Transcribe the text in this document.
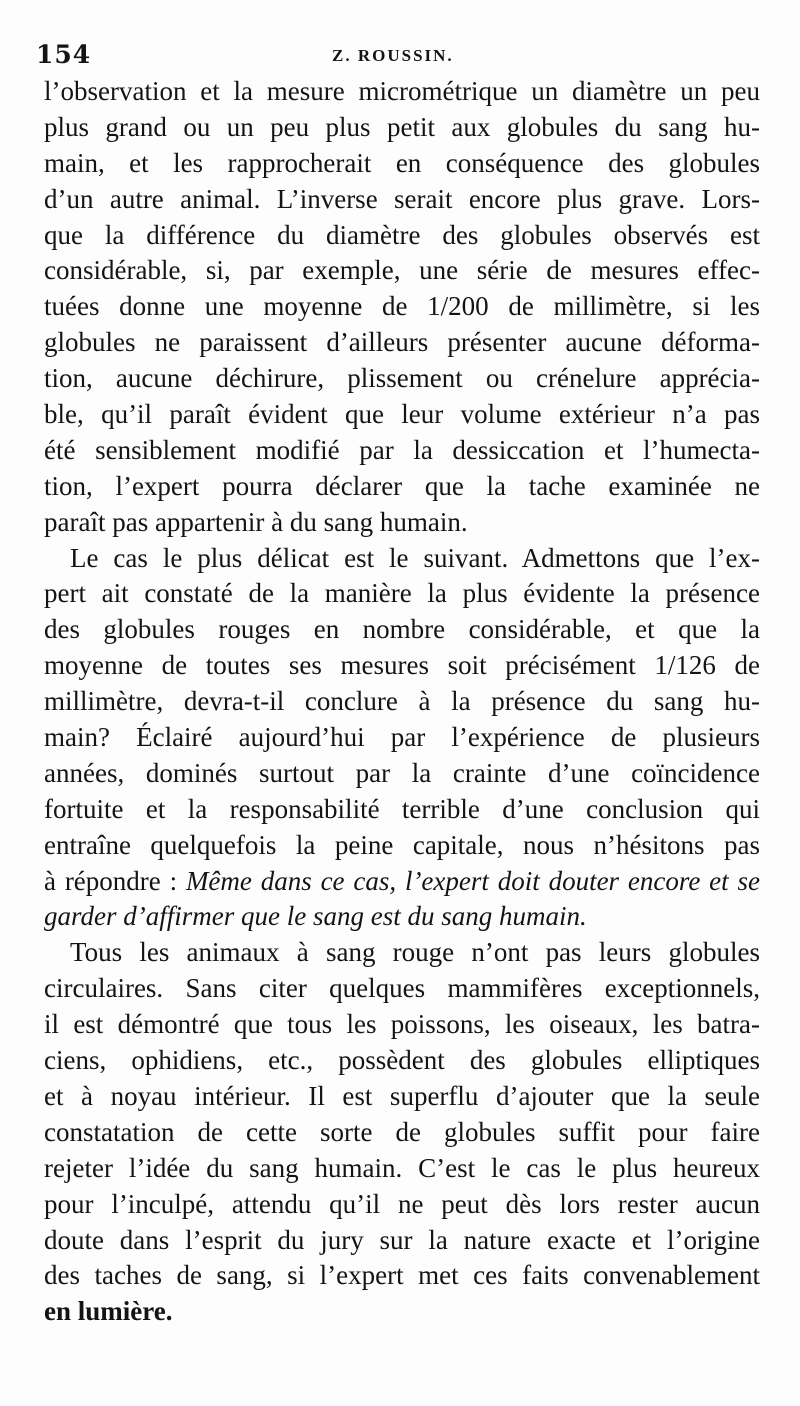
154	Z. ROUSSIN.
l’observation et la mesure micrométrique un diamètre un peu
plus grand ou un peu plus petit aux globules du sang hu-
main, et les rapprocherait en conséquence des globules
d’un autre animal. L’inverse serait encore plus grave. Lors-
que la différence du diamètre des globules observés est
considérable, si, par exemple, une série de mesures effec-
tuées donne une moyenne de 1/200 de millimètre, si les
globules ne paraissent d’ailleurs présenter aucune déforma-
tion, aucune déchirure, plissement ou crénelure apprécia-
ble, qu’il paraît évident que leur volume extérieur n’a pas
été sensiblement modifié par la dessiccation et l’humecta-
tion, l’expert pourra déclarer que la tache examinée ne
paraît pas appartenir à du sang humain.
Le cas le plus délicat est le suivant. Admettons que l’ex-
pert ait constaté de la manière la plus évidente la présence
des globules rouges en nombre considérable, et que la
moyenne de toutes ses mesures soit précisément 1/126 de
millimètre, devra-t-il conclure à la présence du sang hu-
main? Éclairé aujourd’hui par l’expérience de plusieurs
années, dominés surtout par la crainte d’une coïncidence
fortuite et la responsabilité terrible d’une conclusion qui
entraîne quelquefois la peine capitale, nous n’hésitons pas
à répondre : Même dans ce cas, l’expert doit douter encore et se
garder d’affirmer que le sang est du sang humain.
Tous les animaux à sang rouge n’ont pas leurs globules
circulaires. Sans citer quelques mammifères exceptionnels,
il est démontré que tous les poissons, les oiseaux, les batra-
ciens, ophidiens, etc., possèdent des globules elliptiques
et à noyau intérieur. Il est superflu d’ajouter que la seule
constatation de cette sorte de globules suffit pour faire
rejeter l’idée du sang humain. C’est le cas le plus heureux
pour l’inculpé, attendu qu’il ne peut dès lors rester aucun
doute dans l’esprit du jury sur la nature exacte et l’origine
des taches de sang, si l’expert met ces faits convenablement
en lumière.
